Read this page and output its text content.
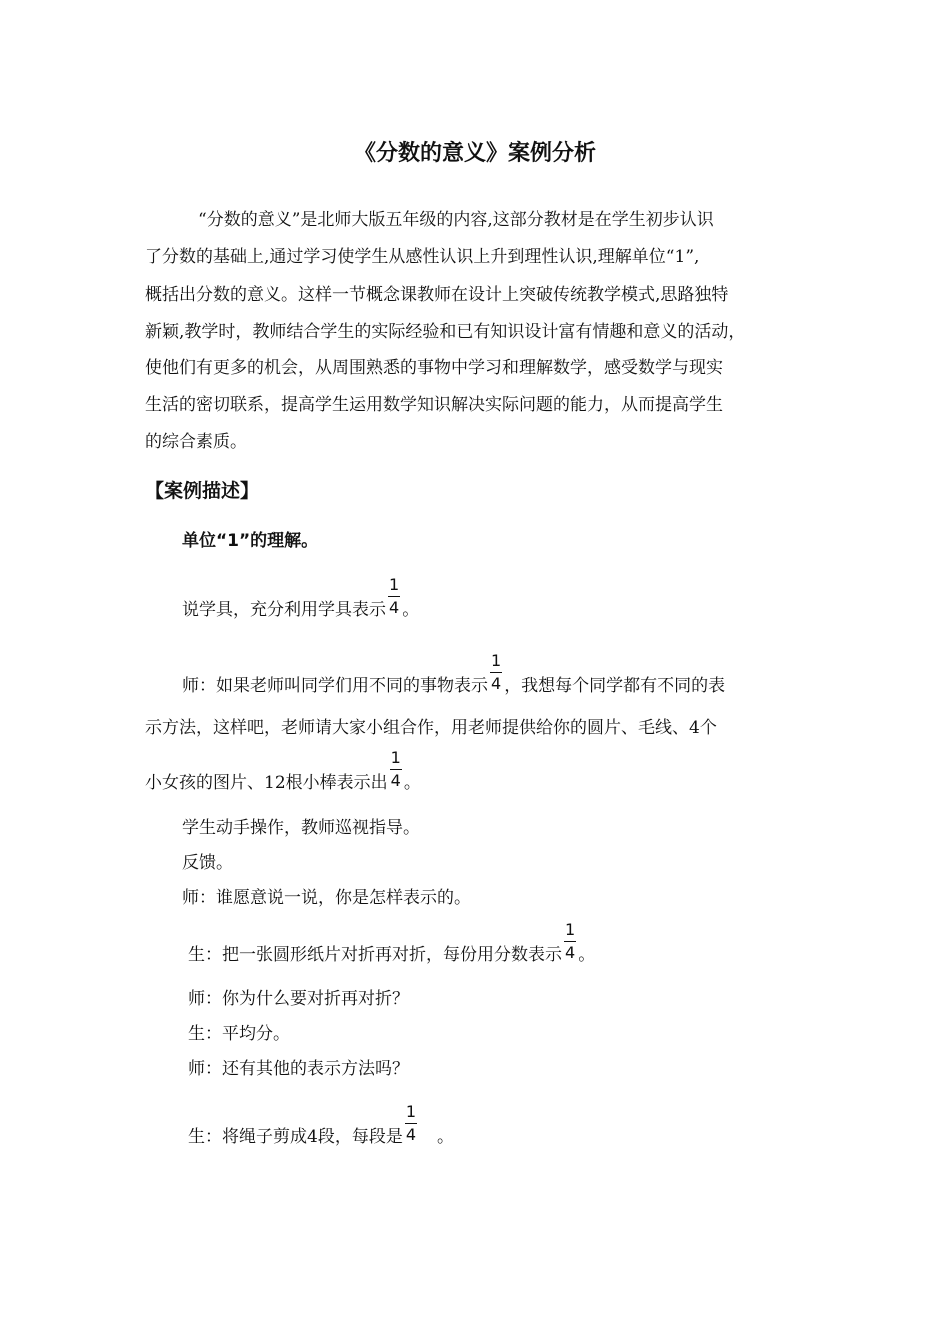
《分数的意义》案例分析
“分数的意义”是北师大版五年级的内容,这部分教材是在学生初步认识
了分数的基础上,通过学习使学生从感性认识上升到理性认识,理解单位“1”,
概括出分数的意义。这样一节概念课教师在设计上突破传统教学模式,思路独特
新颖,教学时，教师结合学生的实际经验和已有知识设计富有情趣和意义的活动，
使他们有更多的机会，从周围熟悉的事物中学习和理解数学，感受数学与现实
生活的密切联系，提高学生运用数学知识解决实际问题的能力，从而提高学生
的综合素质。
【案例描述】
单位“1”的理解。
说学具，充分利用学具表示 $\frac{1}{4}$ 。
师：如果老师叫同学们用不同的事物表示 $\frac{1}{4}$ ，我想每个同学都有不同的表
示方法，这样吧，老师请大家小组合作，用老师提供给你的圆片、毛线、4个
小女孩的图片、12根小棒表示出 $\frac{1}{4}$ 。
学生动手操作，教师巡视指导。
反馈。
师：谁愿意说一说，你是怎样表示的。
生：把一张圆形纸片对折再对折，每份用分数表示 $\frac{1}{4}$ 。
师：你为什么要对折再对折？
生：平均分。
师：还有其他的表示方法吗？
生：将绳子剪成4段，每段是 $\frac{1}{4}$ 。
